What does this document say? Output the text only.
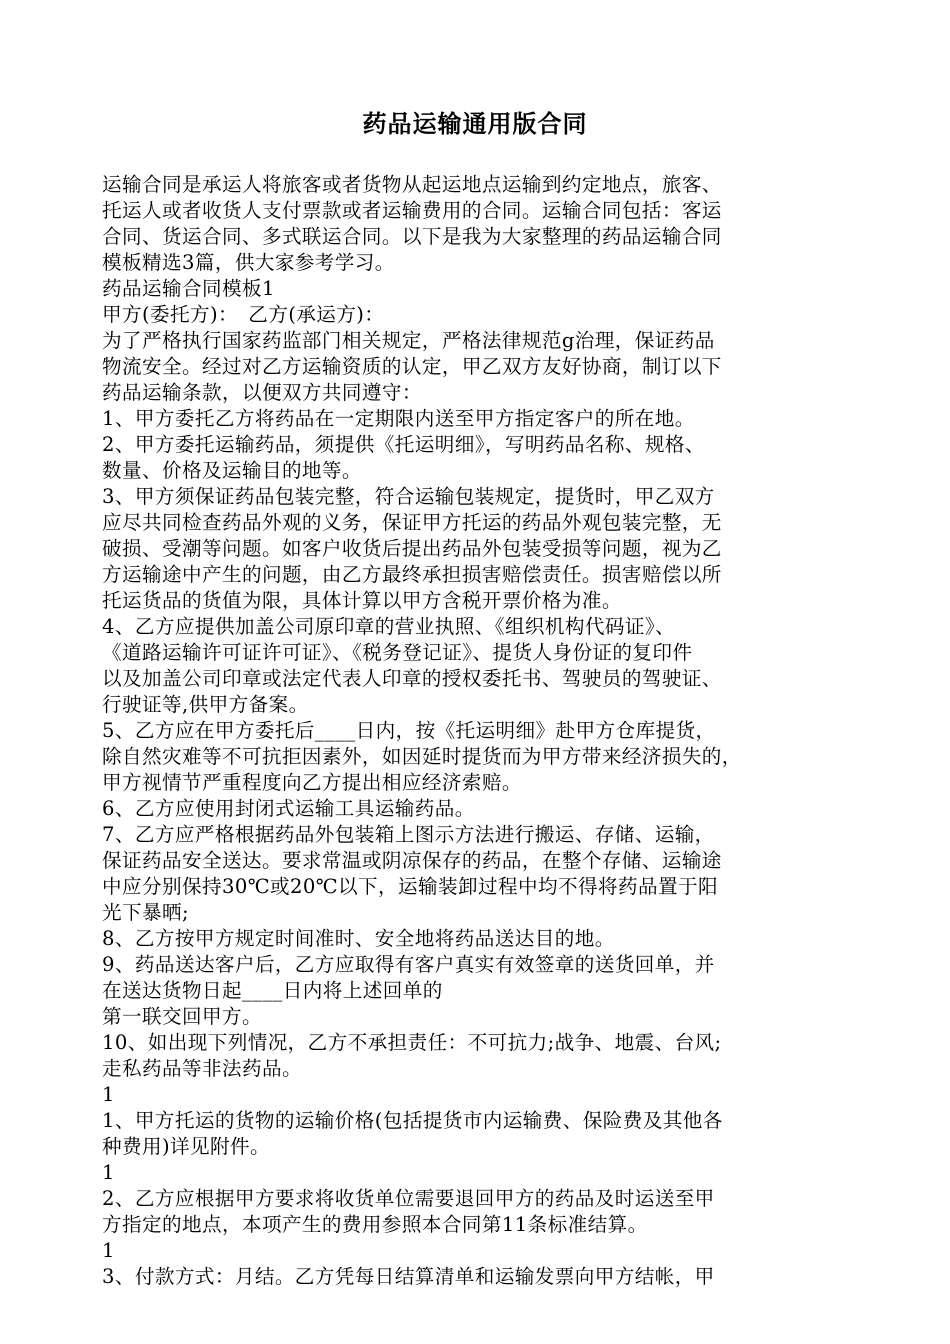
药品运输通用版合同
运输合同是承运人将旅客或者货物从起运地点运输到约定地点，旅客、
托运人或者收货人支付票款或者运输费用的合同。运输合同包括：客运
合同、货运合同、多式联运合同。以下是我为大家整理的药品运输合同
模板精选3篇，供大家参考学习。
药品运输合同模板1
甲方(委托方)：　乙方(承运方)：
为了严格执行国家药监部门相关规定，严格法律规范g治理，保证药品
物流安全。经过对乙方运输资质的认定，甲乙双方友好协商，制订以下
药品运输条款，以便双方共同遵守：
1、甲方委托乙方将药品在一定期限内送至甲方指定客户的所在地。
2、甲方委托运输药品，须提供《托运明细》，写明药品名称、规格、
数量、价格及运输目的地等。
3、甲方须保证药品包装完整，符合运输包装规定，提货时，甲乙双方
应尽共同检查药品外观的义务，保证甲方托运的药品外观包装完整，无
破损、受潮等问题。如客户收货后提出药品外包装受损等问题，视为乙
方运输途中产生的问题，由乙方最终承担损害赔偿责任。损害赔偿以所
托运货品的货值为限，具体计算以甲方含税开票价格为准。
4、乙方应提供加盖公司原印章的营业执照、《组织机构代码证》、
《道路运输许可证许可证》、《税务登记证》、提货人身份证的复印件
以及加盖公司印章或法定代表人印章的授权委托书、驾驶员的驾驶证、
行驶证等,供甲方备案。
5、乙方应在甲方委托后____日内，按《托运明细》赴甲方仓库提货，
除自然灾难等不可抗拒因素外，如因延时提货而为甲方带来经济损失的，
甲方视情节严重程度向乙方提出相应经济索赔。
6、乙方应使用封闭式运输工具运输药品。
7、乙方应严格根据药品外包装箱上图示方法进行搬运、存储、运输，
保证药品安全送达。要求常温或阴凉保存的药品，在整个存储、运输途
中应分别保持30℃或20℃以下，运输装卸过程中均不得将药品置于阳
光下暴晒;
8、乙方按甲方规定时间准时、安全地将药品送达目的地。
9、药品送达客户后，乙方应取得有客户真实有效签章的送货回单，并
在送达货物日起____日内将上述回单的
第一联交回甲方。
10、如出现下列情况，乙方不承担责任：不可抗力;战争、地震、台风;
走私药品等非法药品。
1
1、甲方托运的货物的运输价格(包括提货市内运输费、保险费及其他各
种费用)详见附件。
1
2、乙方应根据甲方要求将收货单位需要退回甲方的药品及时运送至甲
方指定的地点，本项产生的费用参照本合同第11条标准结算。
1
3、付款方式：月结。乙方凭每日结算清单和运输发票向甲方结帐，甲
